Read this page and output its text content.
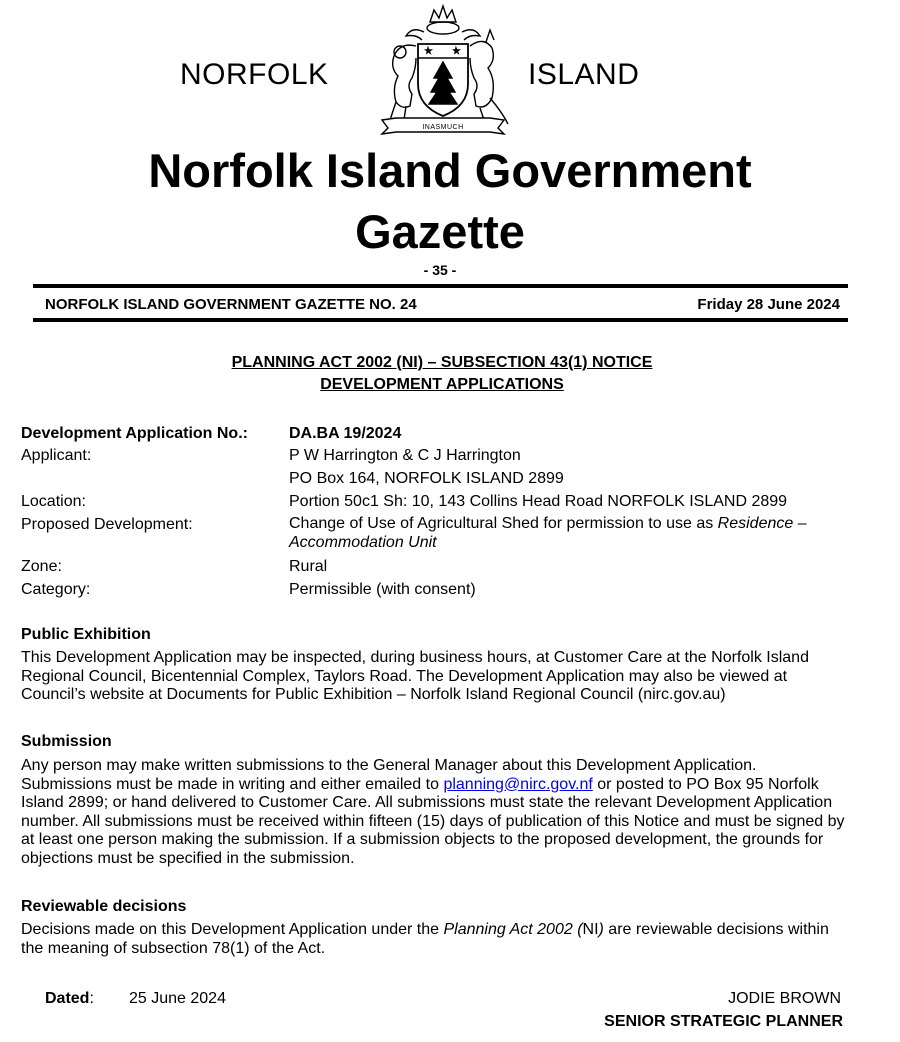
NORFOLK	ISLAND
INASMUCH
Norfolk Island Government
Gazette
- 35 -
NORFOLK ISLAND GOVERNMENT GAZETTE NO. 24	Friday 28 June 2024
PLANNING ACT 2002 (NI) – SUBSECTION 43(1) NOTICE
DEVELOPMENT APPLICATIONS
Development Application No.:	DA.BA 19/2024
Applicant:	P W Harrington & C J Harrington
PO Box 164, NORFOLK ISLAND 2899
Location:	Portion 50c1 Sh: 10, 143 Collins Head Road NORFOLK ISLAND 2899
Proposed Development:	Change of Use of Agricultural Shed for permission to use as Residence –
Accommodation Unit
Zone:	Rural
Category:	Permissible (with consent)
Public Exhibition
This Development Application may be inspected, during business hours, at Customer Care at the Norfolk Island Regional Council, Bicentennial Complex, Taylors Road. The Development Application may also be viewed at Council’s website at Documents for Public Exhibition – Norfolk Island Regional Council (nirc.gov.au)
Submission
Any person may make written submissions to the General Manager about this Development Application. Submissions must be made in writing and either emailed to planning@nirc.gov.nf or posted to PO Box 95 Norfolk Island 2899; or hand delivered to Customer Care. All submissions must state the relevant Development Application number. All submissions must be received within fifteen (15) days of publication of this Notice and must be signed by at least one person making the submission. If a submission objects to the proposed development, the grounds for objections must be specified in the submission.
Reviewable decisions
Decisions made on this Development Application under the Planning Act 2002 (NI) are reviewable decisions within the meaning of subsection 78(1) of the Act.
Dated: 25 June 2024	JODIE BROWN
SENIOR STRATEGIC PLANNER
